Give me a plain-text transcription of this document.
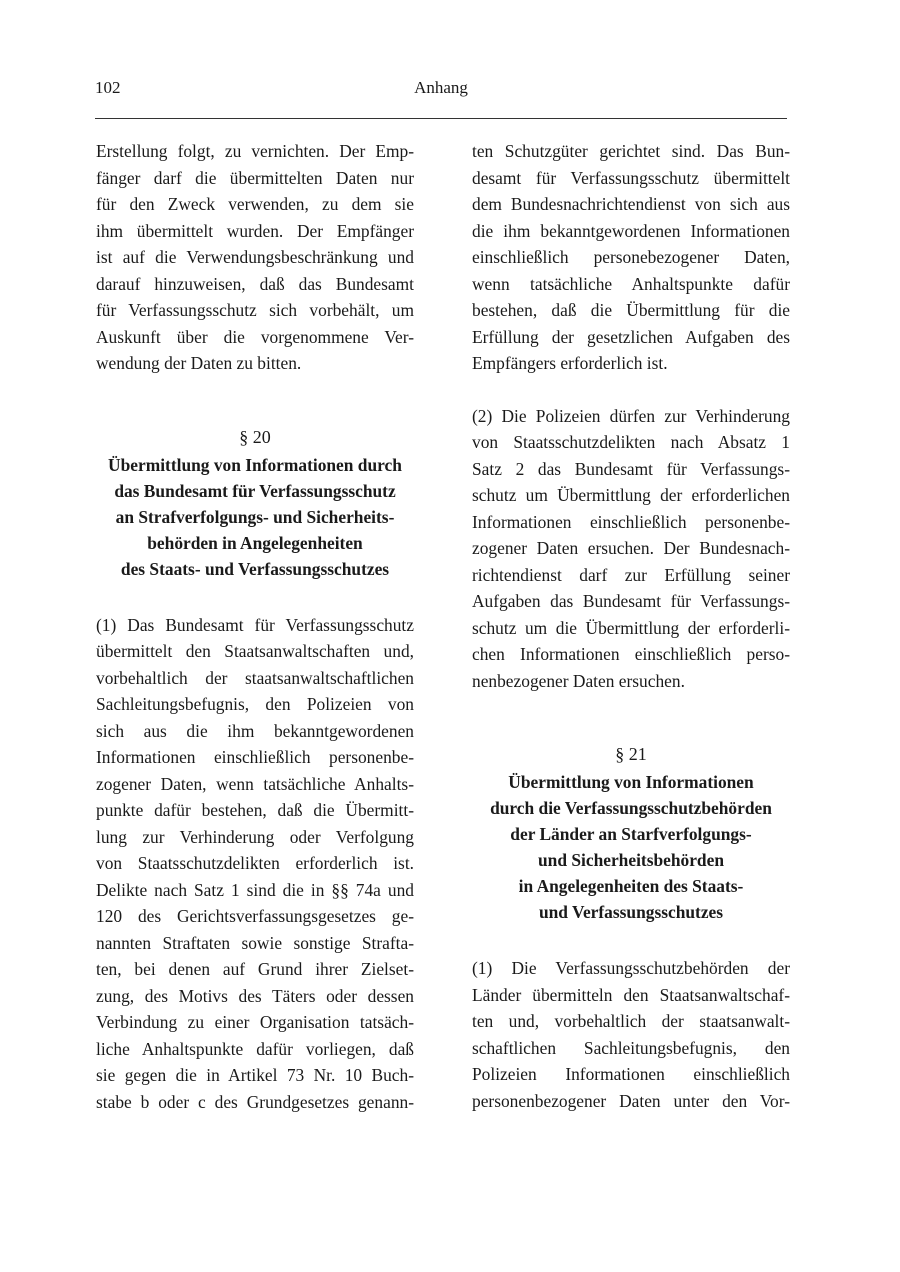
102	Anhang
Erstellung folgt, zu vernichten. Der Emp-
fänger darf die übermittelten Daten nur
für den Zweck verwenden, zu dem sie
ihm übermittelt wurden. Der Empfänger
ist auf die Verwendungsbeschränkung und
darauf hinzuweisen, daß das Bundesamt
für Verfassungsschutz sich vorbehält, um
Auskunft über die vorgenommene Ver-
wendung der Daten zu bitten.
§ 20
Übermittlung von Informationen durch
das Bundesamt für Verfassungsschutz
an Strafverfolgungs- und Sicherheits-
behörden in Angelegenheiten
des Staats- und Verfassungsschutzes
(1) Das Bundesamt für Verfassungsschutz
übermittelt den Staatsanwaltschaften und,
vorbehaltlich der staatsanwaltschaftlichen
Sachleitungsbefugnis, den Polizeien von
sich aus die ihm bekanntgewordenen
Informationen einschließlich personenbe-
zogener Daten, wenn tatsächliche Anhalts-
punkte dafür bestehen, daß die Übermitt-
lung zur Verhinderung oder Verfolgung
von Staatsschutzdelikten erforderlich ist.
Delikte nach Satz 1 sind die in §§ 74a und
120 des Gerichtsverfassungsgesetzes ge-
nannten Straftaten sowie sonstige Strafta-
ten, bei denen auf Grund ihrer Zielset-
zung, des Motivs des Täters oder dessen
Verbindung zu einer Organisation tatsäch-
liche Anhaltspunkte dafür vorliegen, daß
sie gegen die in Artikel 73 Nr. 10 Buch-
stabe b oder c des Grundgesetzes genann-
ten Schutzgüter gerichtet sind. Das Bun-
desamt für Verfassungsschutz übermittelt
dem Bundesnachrichtendienst von sich aus
die ihm bekanntgewordenen Informationen
einschließlich personebezogener Daten,
wenn tatsächliche Anhaltspunkte dafür
bestehen, daß die Übermittlung für die
Erfüllung der gesetzlichen Aufgaben des
Empfängers erforderlich ist.
(2) Die Polizeien dürfen zur Verhinderung
von Staatsschutzdelikten nach Absatz 1
Satz 2 das Bundesamt für Verfassungs-
schutz um Übermittlung der erforderlichen
Informationen einschließlich personenbe-
zogener Daten ersuchen. Der Bundesnach-
richtendienst darf zur Erfüllung seiner
Aufgaben das Bundesamt für Verfassungs-
schutz um die Übermittlung der erforderli-
chen Informationen einschließlich perso-
nenbezogener Daten ersuchen.
§ 21
Übermittlung von Informationen
durch die Verfassungsschutzbehörden
der Länder an Starfverfolgungs-
und Sicherheitsbehörden
in Angelegenheiten des Staats-
und Verfassungsschutzes
(1) Die Verfassungsschutzbehörden der
Länder übermitteln den Staatsanwaltschaf-
ten und, vorbehaltlich der staatsanwalt-
schaftlichen Sachleitungsbefugnis, den
Polizeien Informationen einschließlich
personenbezogener Daten unter den Vor-
